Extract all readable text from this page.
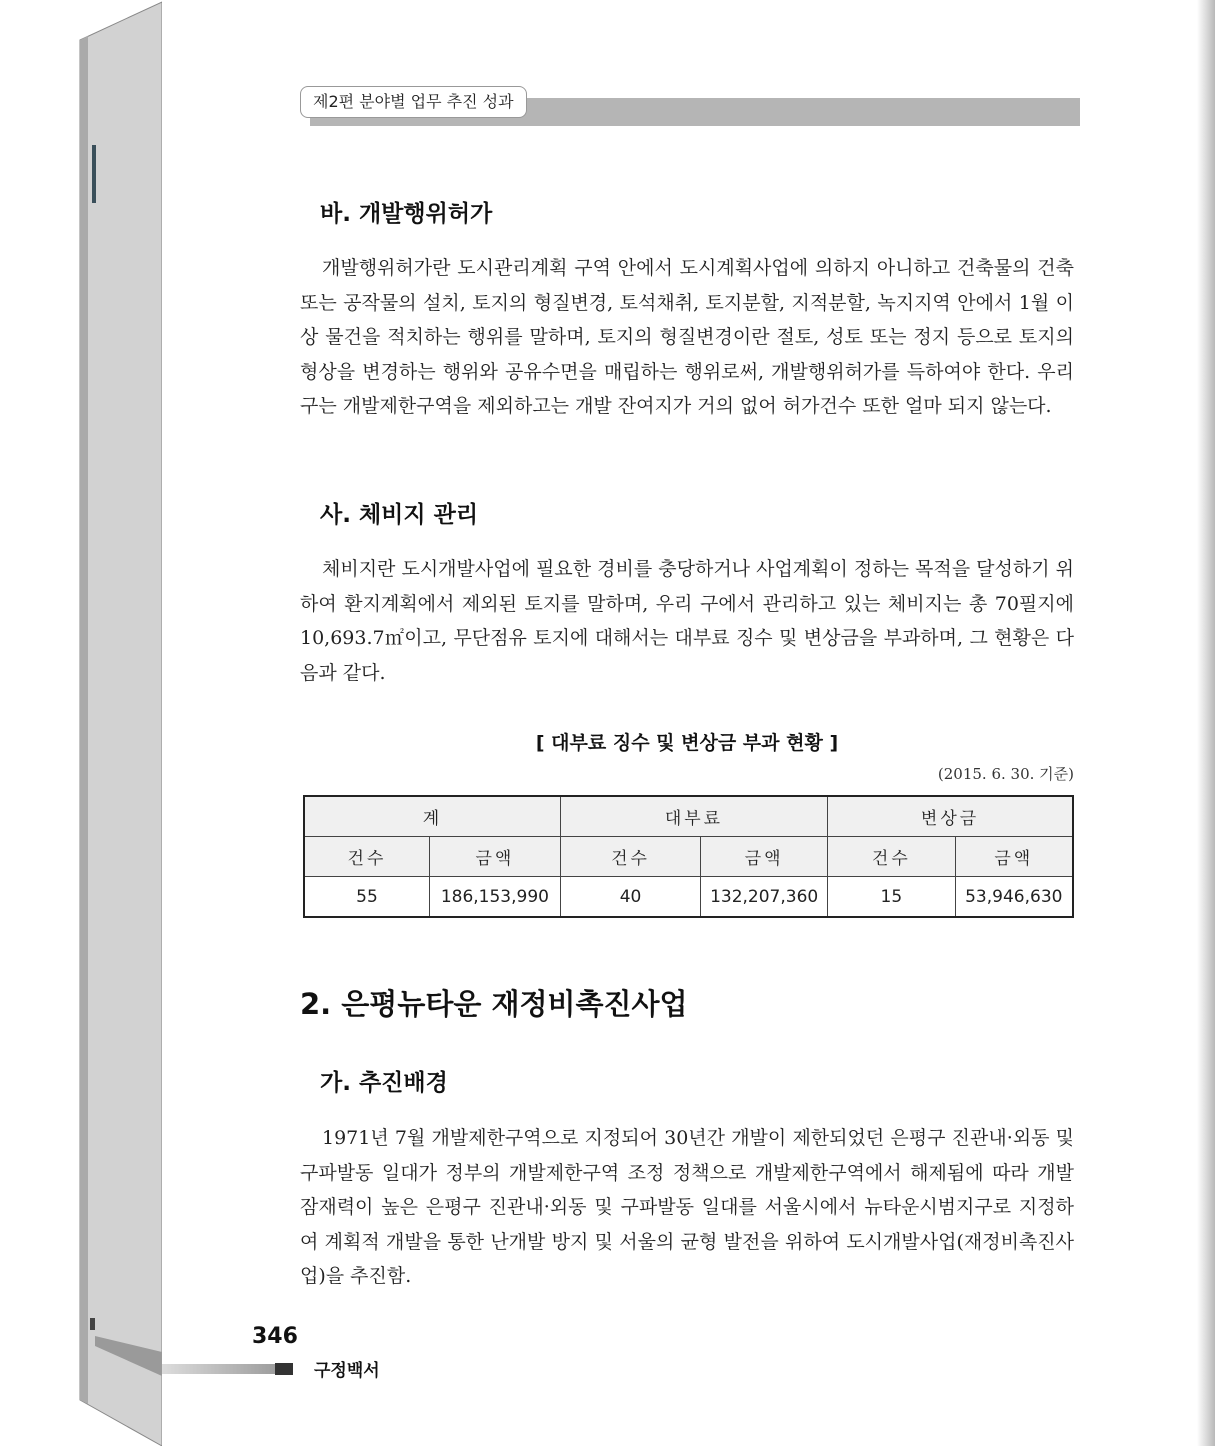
제2편 분야별 업무 추진 성과
바. 개발행위허가

개발행위허가란 도시관리계획 구역 안에서 도시계획사업에 의하지 아니하고 건축물의 건축 또는 공작물의 설치, 토지의 형질변경, 토석채취, 토지분할, 지적분할, 녹지지역 안에서 1월 이상 물건을 적치하는 행위를 말하며, 토지의 형질변경이란 절토, 성토 또는 정지 등으로 토지의 형상을 변경하는 행위와 공유수면을 매립하는 행위로써, 개발행위허가를 득하여야 한다. 우리 구는 개발제한구역을 제외하고는 개발 잔여지가 거의 없어 허가건수 또한 얼마 되지 않는다.

사. 체비지 관리

체비지란 도시개발사업에 필요한 경비를 충당하거나 사업계획이 정하는 목적을 달성하기 위하여 환지계획에서 제외된 토지를 말하며, 우리 구에서 관리하고 있는 체비지는 총 70필지에 10,693.7㎡이고, 무단점유 토지에 대해서는 대부료 징수 및 변상금을 부과하며, 그 현황은 다음과 같다.

[ 대부료 징수 및 변상금 부과 현황 ]

(2015. 6. 30. 기준)

계		대부료		변상금	
건수	금액	건수	금액	건수	금액
55	186,153,990	40	132,207,360	15	53,946,630
2. 은평뉴타운 재정비촉진사업
가. 추진배경

1971년 7월 개발제한구역으로 지정되어 30년간 개발이 제한되었던 은평구 진관내·외동 및 구파발동 일대가 정부의 개발제한구역 조정 정책으로 개발제한구역에서 해제됨에 따라 개발 잠재력이 높은 은평구 진관내·외동 및 구파발동 일대를 서울시에서 뉴타운시범지구로 지정하여 계획적 개발을 통한 난개발 방지 및 서울의 균형 발전을 위하여 도시개발사업(재정비촉진사업)을 추진함.

346

구정백서
